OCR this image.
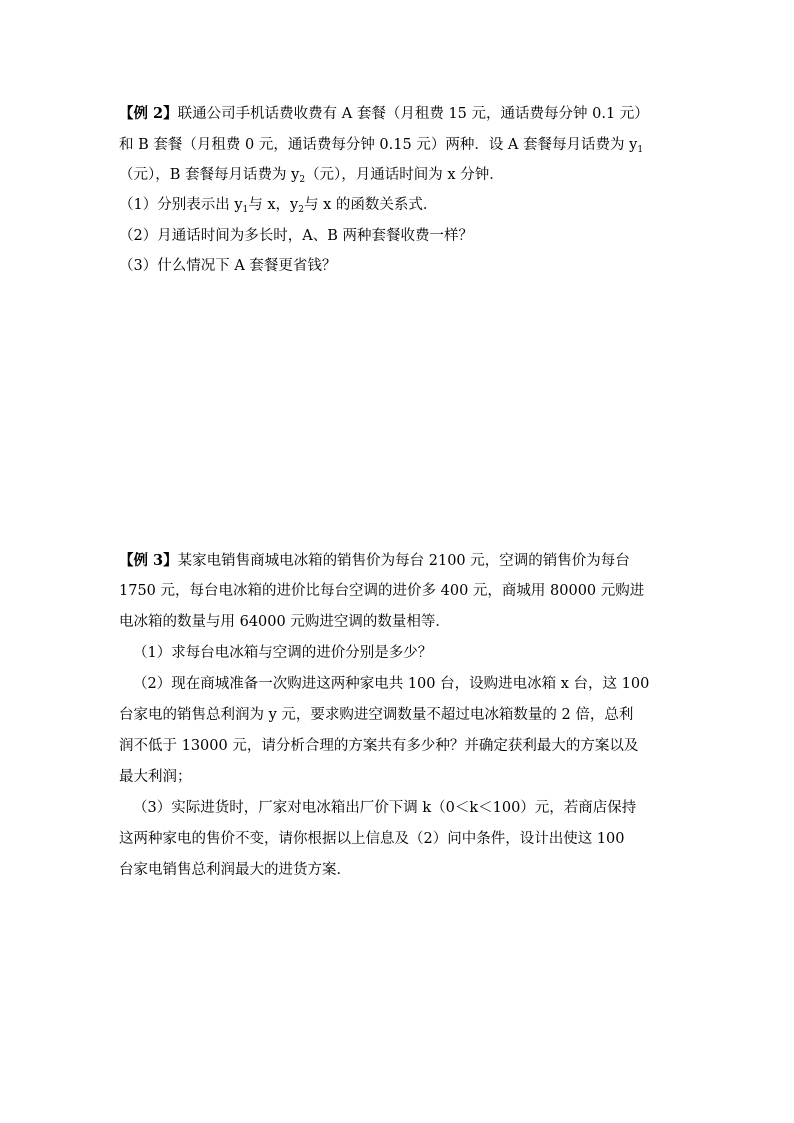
【例 2】联通公司手机话费收费有 A 套餐（月租费 15 元，通话费每分钟 0.1 元）
和 B 套餐（月租费 0 元，通话费每分钟 0.15 元）两种．设 A 套餐每月话费为 $y_1$
（元），B 套餐每月话费为 $y_2$（元），月通话时间为 x 分钟．
（1）分别表示出 $y_1$与 x，$y_2$与 x 的函数关系式．
（2）月通话时间为多长时，A、B 两种套餐收费一样？
（3）什么情况下 A 套餐更省钱？
【例 3】某家电销售商城电冰箱的销售价为每台 2100 元，空调的销售价为每台
1750 元，每台电冰箱的进价比每台空调的进价多 400 元，商城用 80000 元购进
电冰箱的数量与用 64000 元购进空调的数量相等．
（1）求每台电冰箱与空调的进价分别是多少？
（2）现在商城准备一次购进这两种家电共 100 台，设购进电冰箱 x 台，这 100
台家电的销售总利润为 y 元，要求购进空调数量不超过电冰箱数量的 2 倍，总利
润不低于 13000 元，请分析合理的方案共有多少种？并确定获利最大的方案以及
最大利润；
（3）实际进货时，厂家对电冰箱出厂价下调 k（0＜k＜100）元，若商店保持
这两种家电的售价不变，请你根据以上信息及（2）问中条件，设计出使这 100
台家电销售总利润最大的进货方案．
